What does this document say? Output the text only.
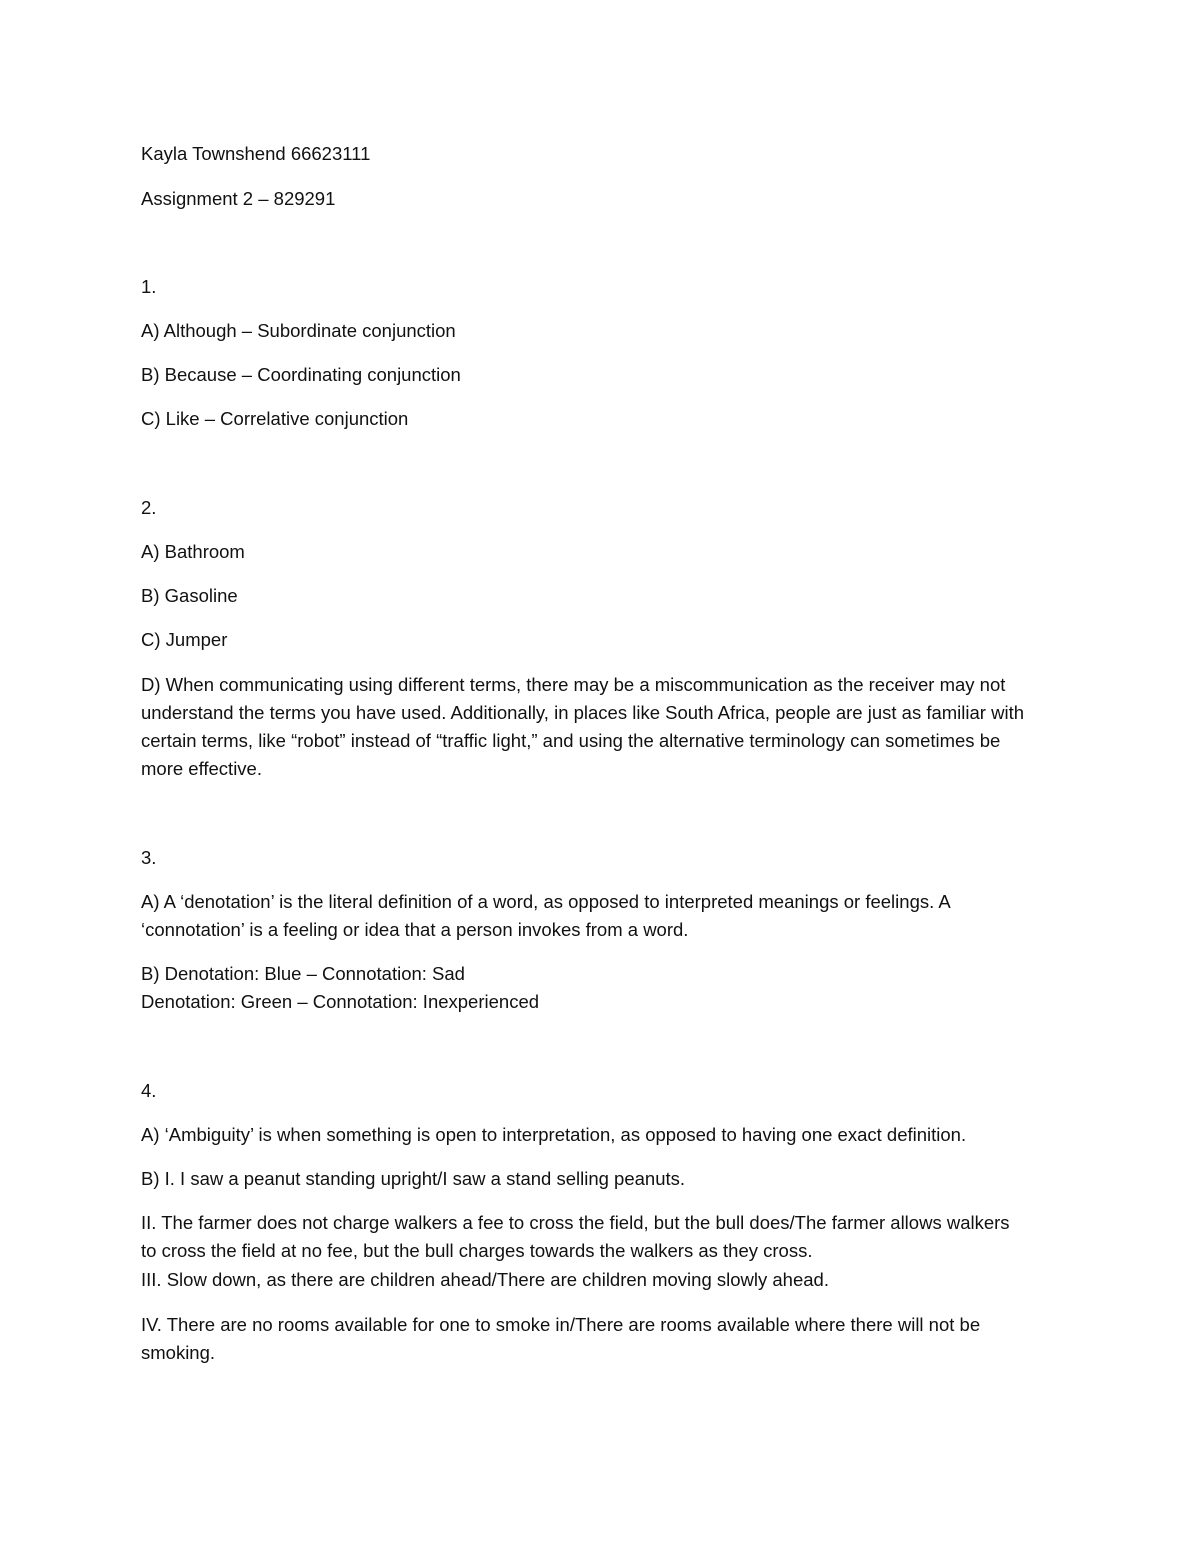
Kayla Townshend 66623111

Assignment 2 – 829291

1.

A) Although – Subordinate conjunction

B) Because – Coordinating conjunction

C) Like – Correlative conjunction

2.

A) Bathroom

B) Gasoline

C) Jumper

D) When communicating using different terms, there may be a miscommunication as the receiver may not understand the terms you have used. Additionally, in places like South Africa, people are just as familiar with certain terms, like “robot” instead of “traffic light,” and using the alternative terminology can sometimes be more effective.

3.

A) A ‘denotation’ is the literal definition of a word, as opposed to interpreted meanings or feelings. A ‘connotation’ is a feeling or idea that a person invokes from a word.

B) Denotation: Blue – Connotation: Sad

Denotation: Green – Connotation: Inexperienced

4.

A) ‘Ambiguity’ is when something is open to interpretation, as opposed to having one exact definition.

B) I. I saw a peanut standing upright/I saw a stand selling peanuts.

II. The farmer does not charge walkers a fee to cross the field, but the bull does/The farmer allows walkers to cross the field at no fee, but the bull charges towards the walkers as they cross.

III. Slow down, as there are children ahead/There are children moving slowly ahead.

IV. There are no rooms available for one to smoke in/There are rooms available where there will not be smoking.
